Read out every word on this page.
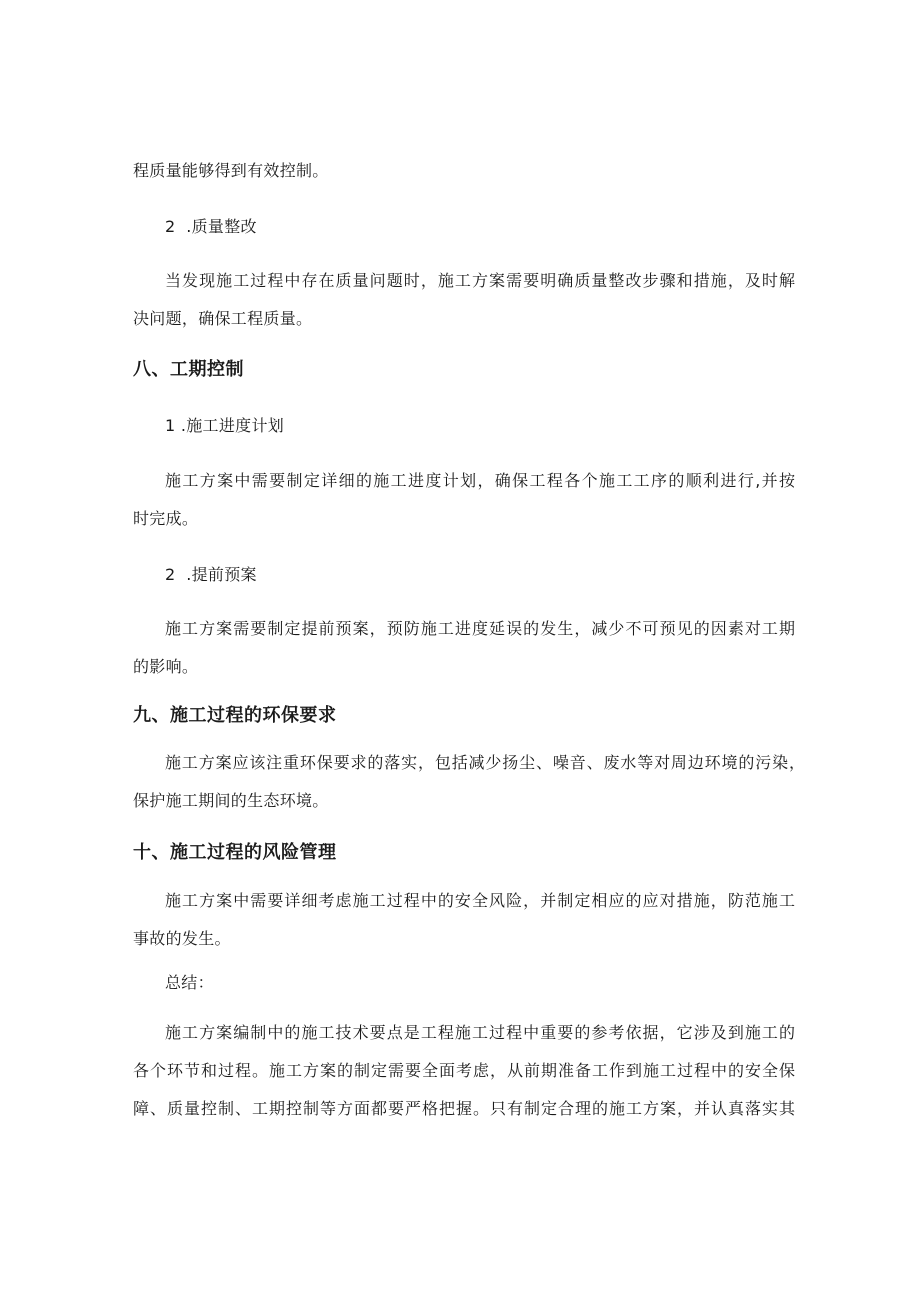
程质量能够得到有效控制。
2  .质量整改
当发现施工过程中存在质量问题时，施工方案需要明确质量整改步骤和措施，及时解
决问题，确保工程质量。
八、工期控制
1 .施工进度计划
施工方案中需要制定详细的施工进度计划，确保工程各个施工工序的顺利进行,并按
时完成。
2  .提前预案
施工方案需要制定提前预案，预防施工进度延误的发生，减少不可预见的因素对工期
的影响。
九、施工过程的环保要求
施工方案应该注重环保要求的落实，包括减少扬尘、噪音、废水等对周边环境的污染，
保护施工期间的生态环境。
十、施工过程的风险管理
施工方案中需要详细考虑施工过程中的安全风险，并制定相应的应对措施，防范施工
事故的发生。
总结：
施工方案编制中的施工技术要点是工程施工过程中重要的参考依据，它涉及到施工的
各个环节和过程。施工方案的制定需要全面考虑，从前期准备工作到施工过程中的安全保
障、质量控制、工期控制等方面都要严格把握。只有制定合理的施工方案，并认真落实其
